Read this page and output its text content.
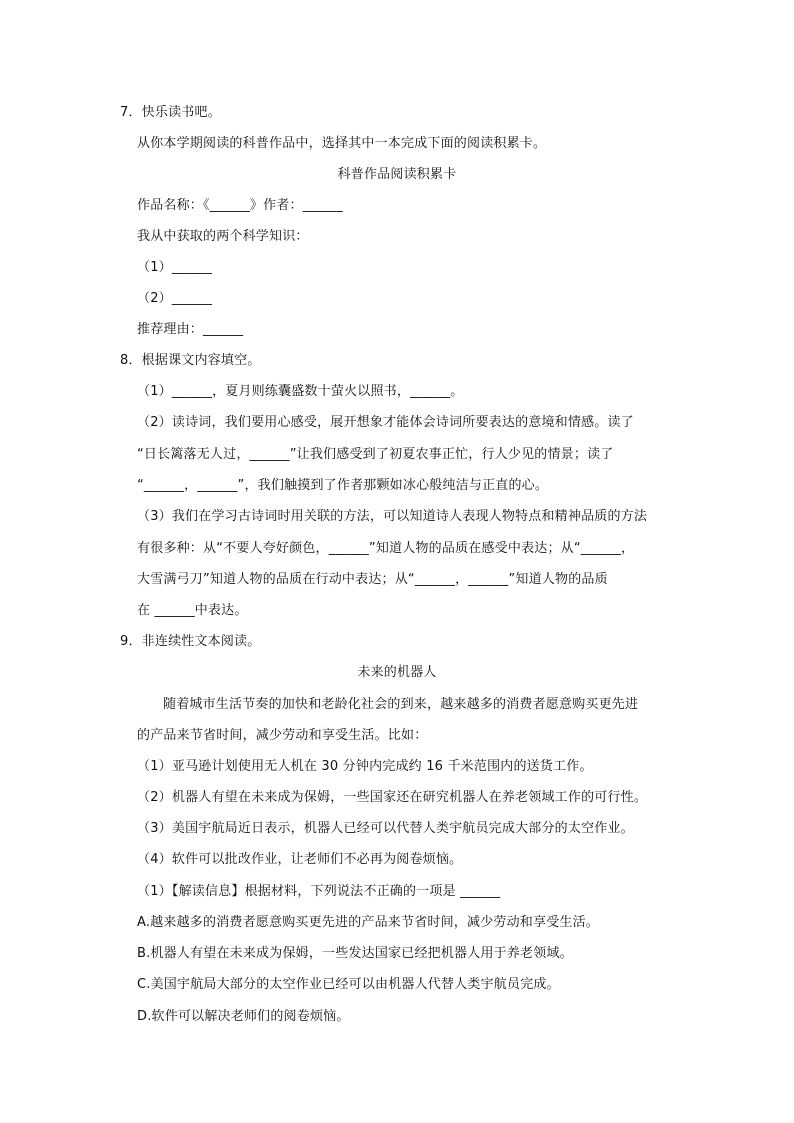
7．快乐读书吧。
从你本学期阅读的科普作品中，选择其中一本完成下面的阅读积累卡。
科普作品阅读积累卡
作品名称：《______》作者：______
我从中获取的两个科学知识：
（1）______
（2）______
推荐理由：______
8．根据课文内容填空。
（1）______，夏月则练囊盛数十萤火以照书，______。
（2）读诗词，我们要用心感受，展开想象才能体会诗词所要表达的意境和情感。读了
“日长篱落无人过，______”让我们感受到了初夏农事正忙，行人少见的情景；读了
“______，______”，我们触摸到了作者那颗如冰心般纯洁与正直的心。
（3）我们在学习古诗词时用关联的方法，可以知道诗人表现人物特点和精神品质的方法
有很多种：从“不要人夸好颜色，______”知道人物的品质在感受中表达；从“______，
大雪满弓刀”知道人物的品质在行动中表达；从“______，______”知道人物的品质
在 ______中表达。
9．非连续性文本阅读。
未来的机器人
随着城市生活节奏的加快和老龄化社会的到来，越来越多的消费者愿意购买更先进
的产品来节省时间，减少劳动和享受生活。比如：
（1）亚马逊计划使用无人机在 30 分钟内完成约 16 千米范围内的送货工作。
（2）机器人有望在未来成为保姆，一些国家还在研究机器人在养老领域工作的可行性。
（3）美国宇航局近日表示，机器人已经可以代替人类宇航员完成大部分的太空作业。
（4）软件可以批改作业，让老师们不必再为阅卷烦恼。
（1）【解读信息】根据材料，下列说法不正确的一项是 ______
A.越来越多的消费者愿意购买更先进的产品来节省时间，减少劳动和享受生活。
B.机器人有望在未来成为保姆，一些发达国家已经把机器人用于养老领域。
C.美国宇航局大部分的太空作业已经可以由机器人代替人类宇航员完成。
D.软件可以解决老师们的阅卷烦恼。
